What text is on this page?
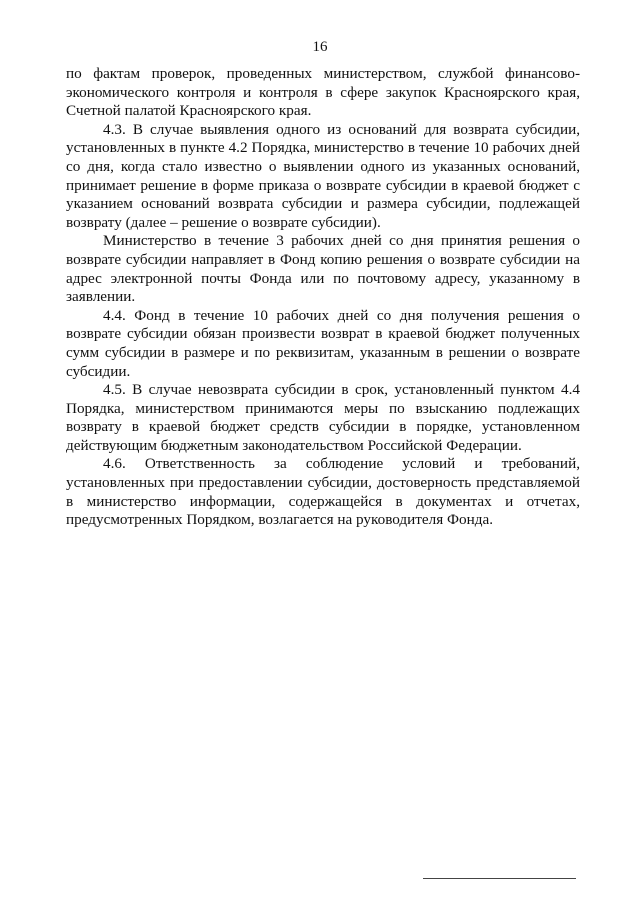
16

по фактам проверок, проведенных министерством, службой финансово-экономического контроля и контроля в сфере закупок Красноярского края, Счетной палатой Красноярского края.

4.3. В случае выявления одного из оснований для возврата субсидии, установленных в пункте 4.2 Порядка, министерство в течение 10 рабочих дней со дня, когда стало известно о выявлении одного из указанных оснований, принимает решение в форме приказа о возврате субсидии в краевой бюджет с указанием оснований возврата субсидии и размера субсидии, подлежащей возврату (далее – решение о возврате субсидии).

Министерство в течение 3 рабочих дней со дня принятия решения о возврате субсидии направляет в Фонд копию решения о возврате субсидии на адрес электронной почты Фонда или по почтовому адресу, указанному в заявлении.

4.4. Фонд в течение 10 рабочих дней со дня получения решения о возврате субсидии обязан произвести возврат в краевой бюджет полученных сумм субсидии в размере и по реквизитам, указанным в решении о возврате субсидии.

4.5. В случае невозврата субсидии в срок, установленный пунктом 4.4 Порядка, министерством принимаются меры по взысканию подлежащих возврату в краевой бюджет средств субсидии в порядке, установленном действующим бюджетным законодательством Российской Федерации.

4.6. Ответственность за соблюдение условий и требований, установленных при предоставлении субсидии, достоверность представляемой в министерство информации, содержащейся в документах и отчетах, предусмотренных Порядком, возлагается на руководителя Фонда.
